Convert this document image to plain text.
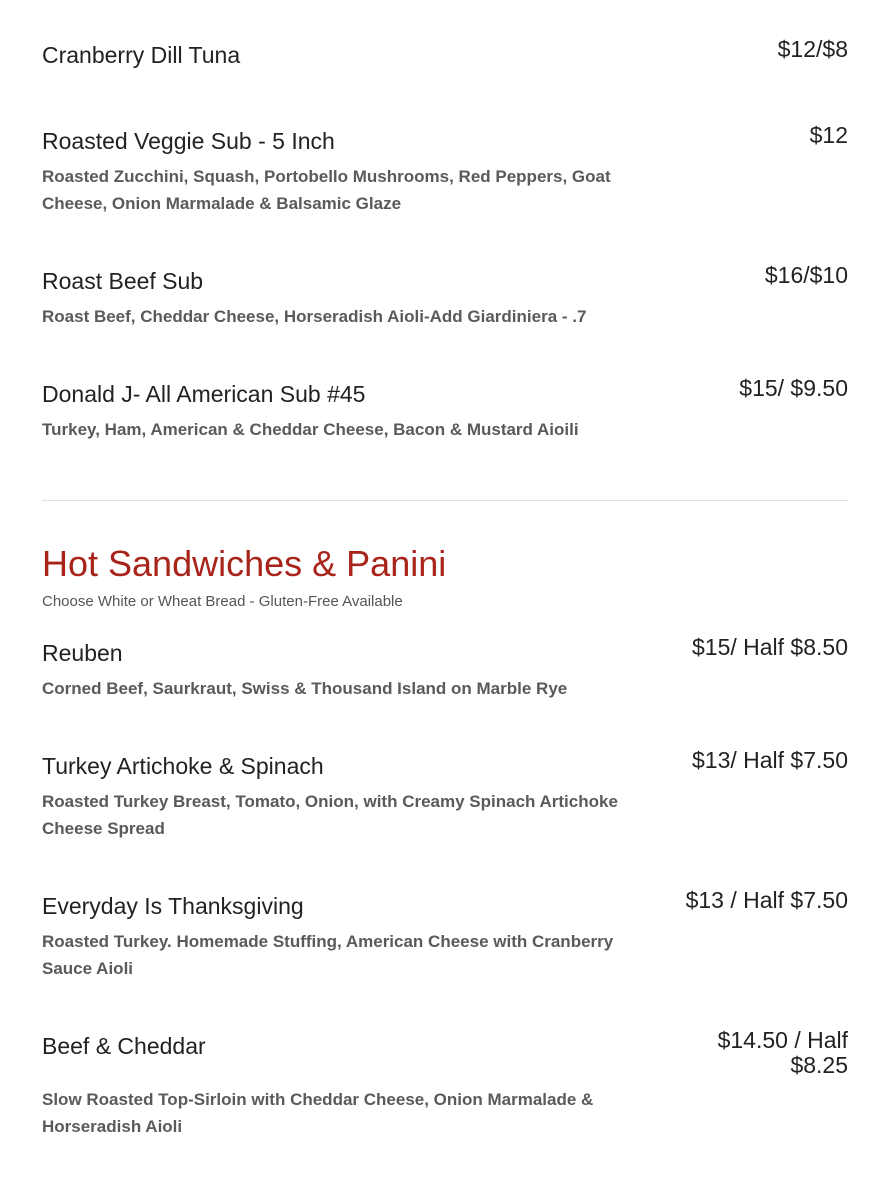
Cranberry Dill Tuna	$12/$8
Roasted Veggie Sub - 5 Inch	$12
Roasted Zucchini, Squash, Portobello Mushrooms, Red Peppers, Goat Cheese, Onion Marmalade & Balsamic Glaze
Roast Beef Sub	$16/$10
Roast Beef, Cheddar Cheese, Horseradish Aioli-Add Giardiniera - .7
Donald J- All American Sub #45	$15/ $9.50
Turkey, Ham, American & Cheddar Cheese, Bacon & Mustard Aioili
Hot Sandwiches & Panini
Choose White or Wheat Bread - Gluten-Free Available
Reuben	$15/ Half $8.50
Corned Beef, Saurkraut, Swiss & Thousand Island on Marble Rye
Turkey Artichoke & Spinach	$13/ Half $7.50
Roasted Turkey Breast, Tomato, Onion, with Creamy Spinach Artichoke Cheese Spread
Everyday Is Thanksgiving	$13 / Half $7.50
Roasted Turkey. Homemade Stuffing, American Cheese with Cranberry Sauce Aioli
Beef & Cheddar	$14.50 / Half $8.25
Slow Roasted Top-Sirloin with Cheddar Cheese, Onion Marmalade & Horseradish Aioli
